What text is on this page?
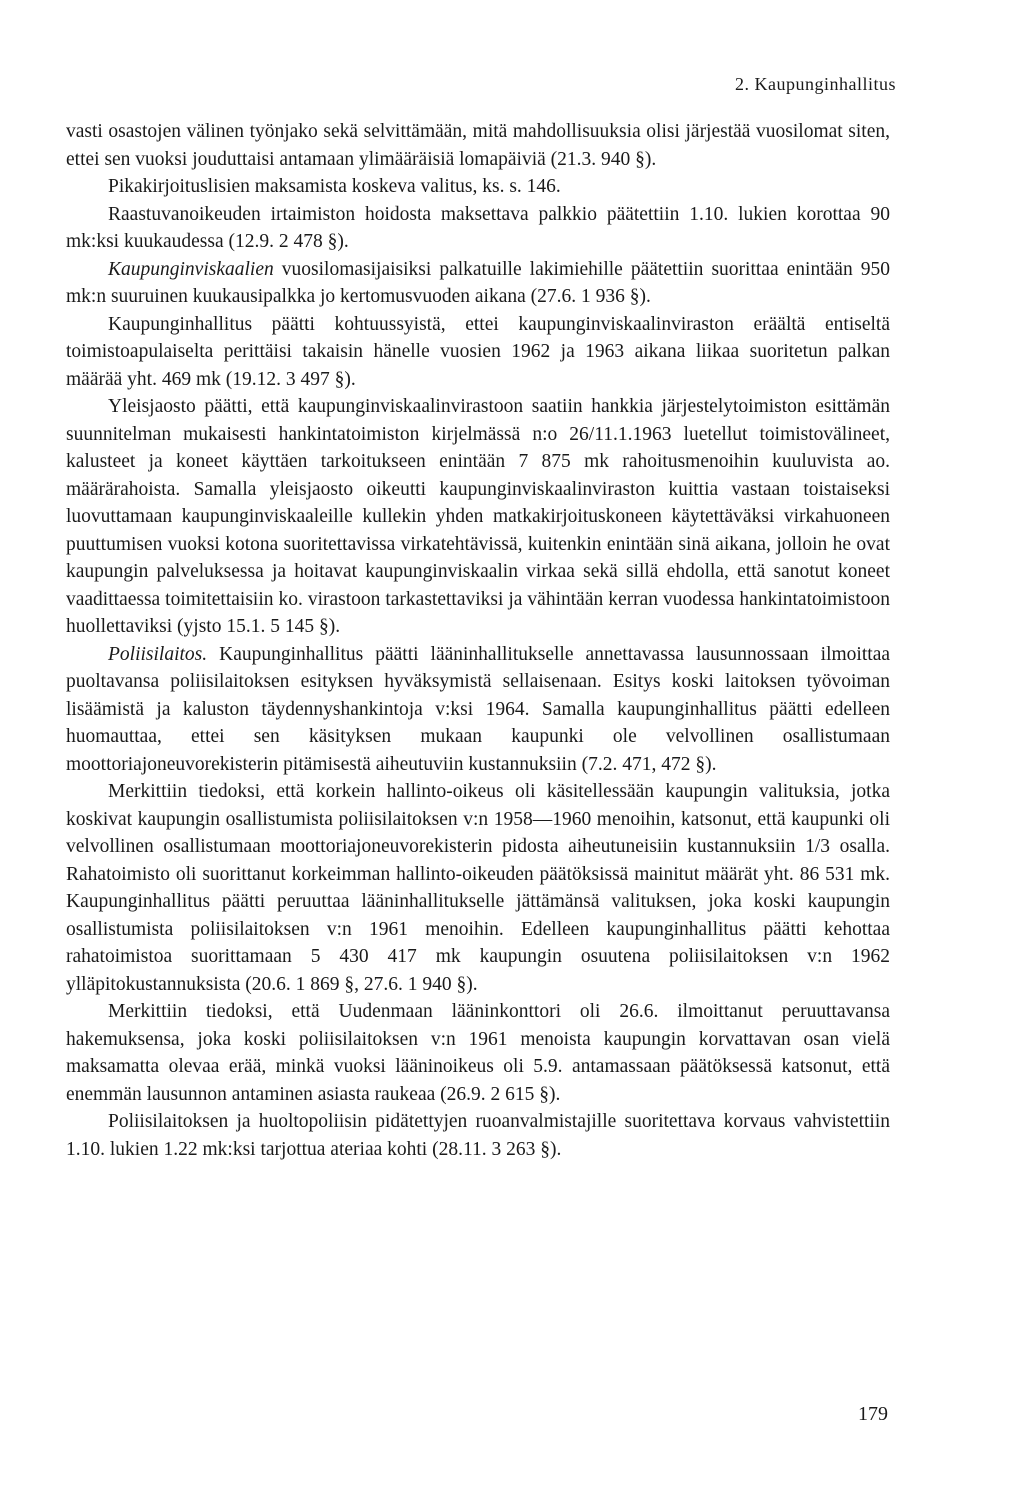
2. Kaupunginhallitus

vasti osastojen välinen työnjako sekä selvittämään, mitä mahdollisuuksia olisi järjestää vuosilomat siten, ettei sen vuoksi jouduttaisi antamaan ylimääräisiä lomapäiviä (21.3. 940 §).

Pikakirjoituslisien maksamista koskeva valitus, ks. s. 146.

Raastuvanoikeuden irtaimiston hoidosta maksettava palkkio päätettiin 1.10. lukien korottaa 90 mk:ksi kuukaudessa (12.9. 2 478 §).

Kaupunginviskaalien vuosilomasijaisiksi palkatuille lakimiehille päätettiin suorittaa enintään 950 mk:n suuruinen kuukausipalkka jo kertomusvuoden aikana (27.6. 1 936 §).

Kaupunginhallitus päätti kohtuussyistä, ettei kaupunginviskaalinviraston eräältä entiseltä toimistoapulaiselta perittäisi takaisin hänelle vuosien 1962 ja 1963 aikana liikaa suoritetun palkan määrää yht. 469 mk (19.12. 3 497 §).

Yleisjaosto päätti, että kaupunginviskaalinvirastoon saatiin hankkia järjestelytoimiston esittämän suunnitelman mukaisesti hankintatoimiston kirjelmässä n:o 26/11.1.1963 luetellut toimistovälineet, kalusteet ja koneet käyttäen tarkoitukseen enintään 7 875 mk rahoitusmenoihin kuuluvista ao. määrärahoista. Samalla yleisjaosto oikeutti kaupunginviskaalinviraston kuittia vastaan toistaiseksi luovuttamaan kaupunginviskaaleille kullekin yhden matkakirjoituskoneen käytettäväksi virkahuoneen puuttumisen vuoksi kotona suoritettavissa virkatehtävissä, kuitenkin enintään sinä aikana, jolloin he ovat kaupungin palveluksessa ja hoitavat kaupunginviskaalin virkaa sekä sillä ehdolla, että sanotut koneet vaadittaessa toimitettaisiin ko. virastoon tarkastettaviksi ja vähintään kerran vuodessa hankintatoimistoon huollettaviksi (yjsto 15.1. 5 145 §).

Poliisilaitos. Kaupunginhallitus päätti lääninhallitukselle annettavassa lausunnossaan ilmoittaa puoltavansa poliisilaitoksen esityksen hyväksymistä sellaisenaan. Esitys koski laitoksen työvoiman lisäämistä ja kaluston täydennyshankintoja v:ksi 1964. Samalla kaupunginhallitus päätti edelleen huomauttaa, ettei sen käsityksen mukaan kaupunki ole velvollinen osallistumaan moottoriajoneuvorekisterin pitämisestä aiheutuviin kustannuksiin (7.2. 471, 472 §).

Merkittiin tiedoksi, että korkein hallinto-oikeus oli käsitellessään kaupungin valituksia, jotka koskivat kaupungin osallistumista poliisilaitoksen v:n 1958—1960 menoihin, katsonut, että kaupunki oli velvollinen osallistumaan moottoriajoneuvorekisterin pidosta aiheutuneisiin kustannuksiin 1/3 osalla. Rahatoimisto oli suorittanut korkeimman hallinto-oikeuden päätöksissä mainitut määrät yht. 86 531 mk. Kaupunginhallitus päätti peruuttaa lääninhallitukselle jättämänsä valituksen, joka koski kaupungin osallistumista poliisilaitoksen v:n 1961 menoihin. Edelleen kaupunginhallitus päätti kehottaa rahatoimistoa suorittamaan 5 430 417 mk kaupungin osuutena poliisilaitoksen v:n 1962 ylläpitokustannuksista (20.6. 1 869 §, 27.6. 1 940 §).

Merkittiin tiedoksi, että Uudenmaan lääninkonttori oli 26.6. ilmoittanut peruuttavansa hakemuksensa, joka koski poliisilaitoksen v:n 1961 menoista kaupungin korvattavan osan vielä maksamatta olevaa erää, minkä vuoksi lääninoikeus oli 5.9. antamassaan päätöksessä katsonut, että enemmän lausunnon antaminen asiasta raukeaa (26.9. 2 615 §).

Poliisilaitoksen ja huoltopoliisin pidätettyjen ruoanvalmistajille suoritettava korvaus vahvistettiin 1.10. lukien 1.22 mk:ksi tarjottua ateriaa kohti (28.11. 3 263 §).

179
